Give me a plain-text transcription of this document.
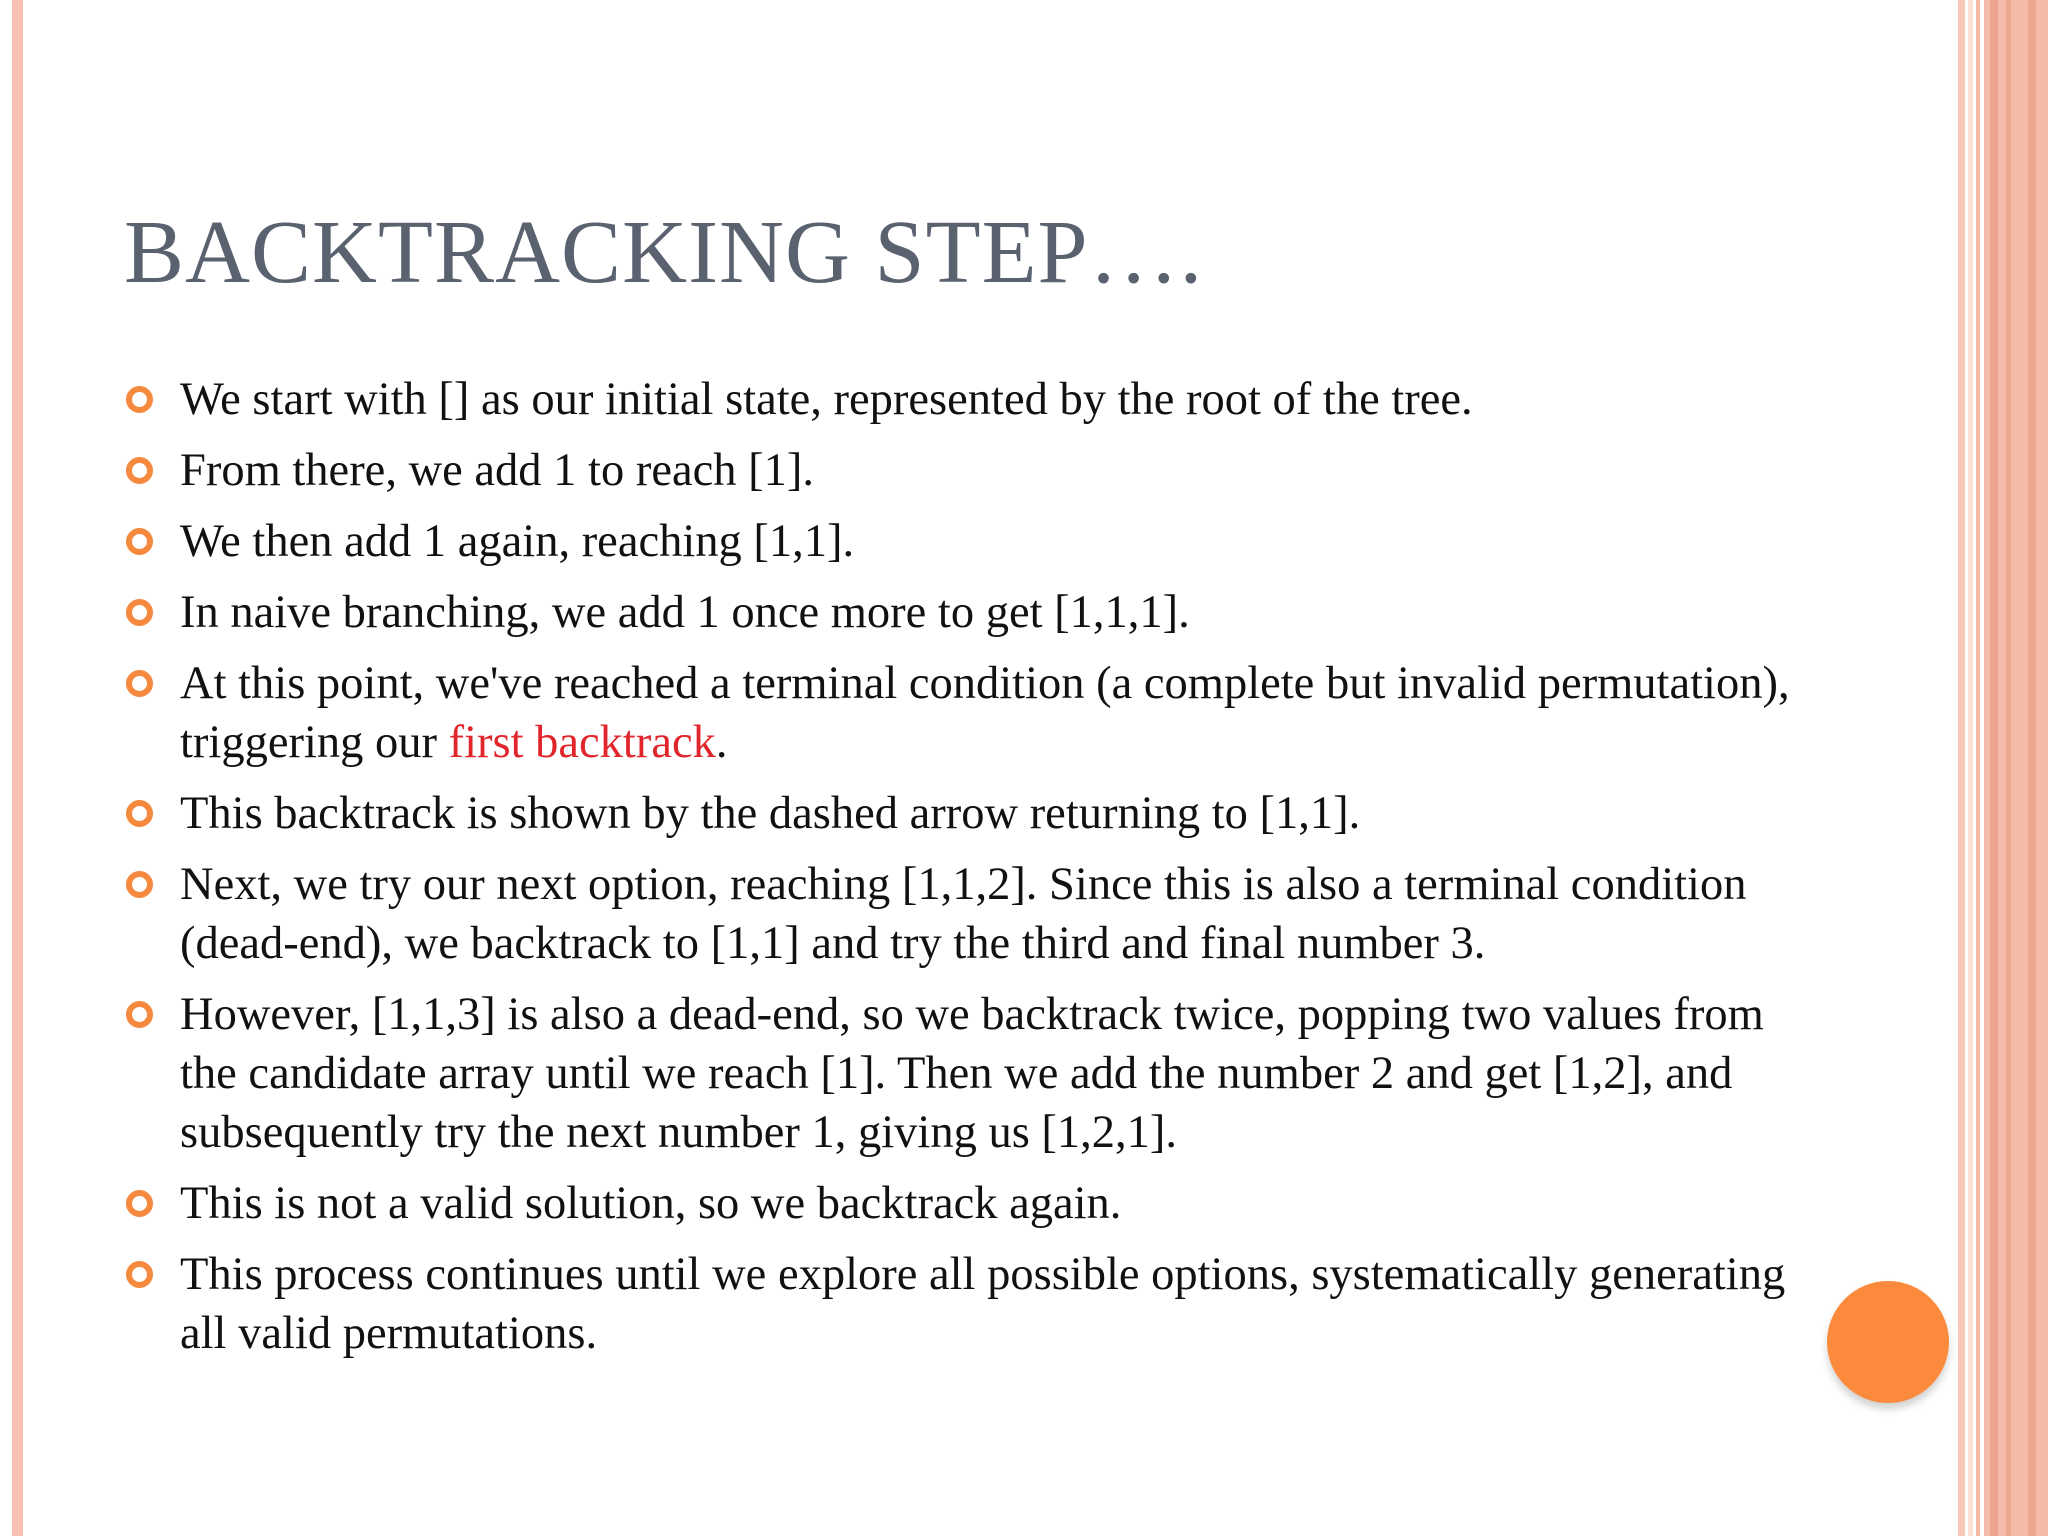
BACKTRACKING STEP….
We start with [] as our initial state, represented by the root of the tree.
From there, we add 1 to reach [1].
We then add 1 again, reaching [1,1].
In naive branching, we add 1 once more to get [1,1,1].
At this point, we've reached a terminal condition (a complete but invalid permutation), triggering our first backtrack.
This backtrack is shown by the dashed arrow returning to [1,1].
Next, we try our next option, reaching [1,1,2]. Since this is also a terminal condition (dead-end), we backtrack to [1,1] and try the third and final number 3.
However, [1,1,3] is also a dead-end, so we backtrack twice, popping two values from the candidate array until we reach [1]. Then we add the number 2 and get [1,2], and subsequently try the next number 1, giving us [1,2,1].
This is not a valid solution, so we backtrack again.
This process continues until we explore all possible options, systematically generating all valid permutations.
